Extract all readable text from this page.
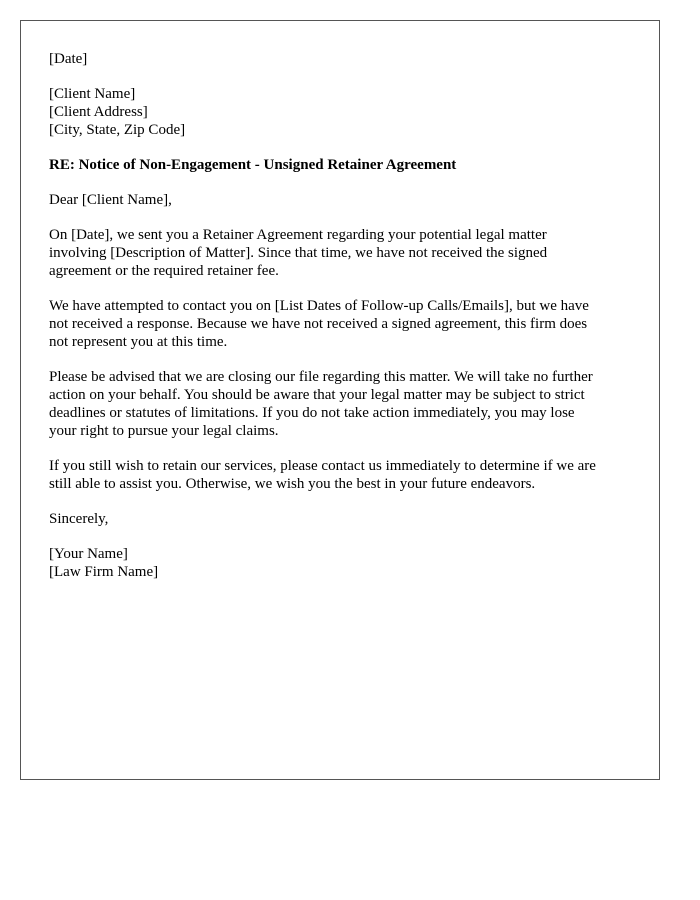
[Date]

[Client Name]
[Client Address]
[City, State, Zip Code]

RE: Notice of Non-Engagement - Unsigned Retainer Agreement

Dear [Client Name],

On [Date], we sent you a Retainer Agreement regarding your potential legal matter
involving [Description of Matter]. Since that time, we have not received the signed
agreement or the required retainer fee.

We have attempted to contact you on [List Dates of Follow-up Calls/Emails], but we have
not received a response. Because we have not received a signed agreement, this firm does
not represent you at this time.

Please be advised that we are closing our file regarding this matter. We will take no further
action on your behalf. You should be aware that your legal matter may be subject to strict
deadlines or statutes of limitations. If you do not take action immediately, you may lose
your right to pursue your legal claims.

If you still wish to retain our services, please contact us immediately to determine if we are
still able to assist you. Otherwise, we wish you the best in your future endeavors.

Sincerely,

[Your Name]
[Law Firm Name]
